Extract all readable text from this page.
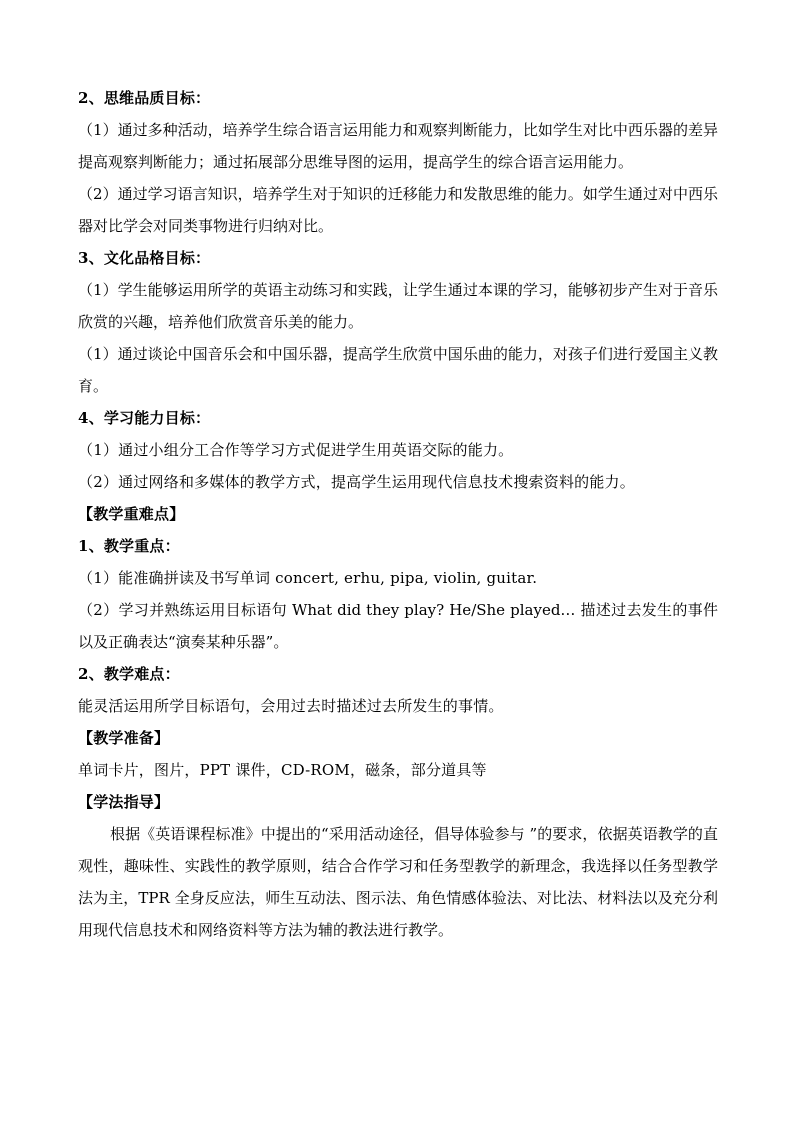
2、思维品质目标：
（1）通过多种活动，培养学生综合语言运用能力和观察判断能力，比如学生对比中西乐器的差异提高观察判断能力；通过拓展部分思维导图的运用，提高学生的综合语言运用能力。
（2）通过学习语言知识，培养学生对于知识的迁移能力和发散思维的能力。如学生通过对中西乐器对比学会对同类事物进行归纳对比。
3、文化品格目标：
（1）学生能够运用所学的英语主动练习和实践，让学生通过本课的学习，能够初步产生对于音乐欣赏的兴趣，培养他们欣赏音乐美的能力。
（1）通过谈论中国音乐会和中国乐器，提高学生欣赏中国乐曲的能力，对孩子们进行爱国主义教育。
4、学习能力目标：
（1）通过小组分工合作等学习方式促进学生用英语交际的能力。
（2）通过网络和多媒体的教学方式，提高学生运用现代信息技术搜索资料的能力。
【教学重难点】
1、教学重点：
（1）能准确拼读及书写单词 concert, erhu, pipa, violin, guitar.
（2）学习并熟练运用目标语句 What did they play? He/She played… 描述过去发生的事件以及正确表达“演奏某种乐器”。
2、教学难点：
能灵活运用所学目标语句，会用过去时描述过去所发生的事情。
【教学准备】
单词卡片，图片，PPT 课件，CD-ROM，磁条，部分道具等
【学法指导】
根据《英语课程标准》中提出的“采用活动途径，倡导体验参与 ”的要求，依据英语教学的直观性，趣味性、实践性的教学原则，结合合作学习和任务型教学的新理念，我选择以任务型教学法为主，TPR 全身反应法，师生互动法、图示法、角色情感体验法、对比法、材料法以及充分利用现代信息技术和网络资料等方法为辅的教法进行教学。
